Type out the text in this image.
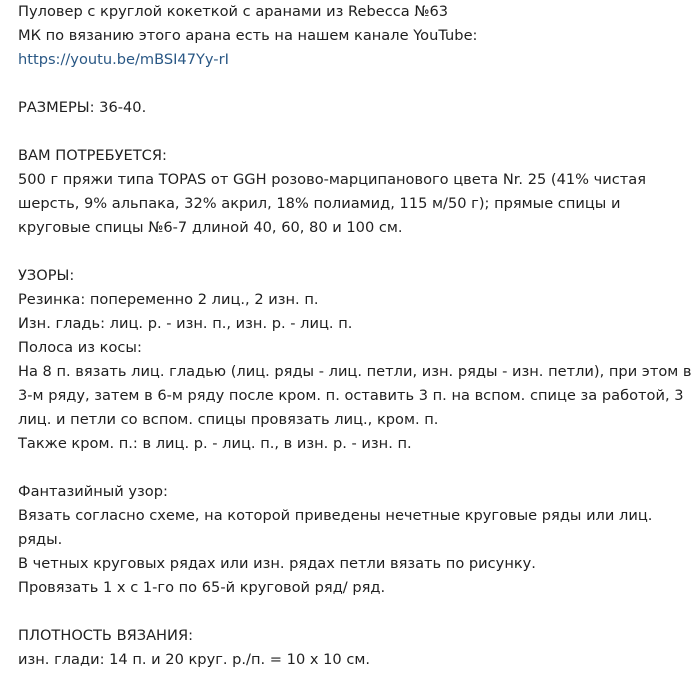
Пуловер с круглой кокеткой с аранами из Rebecca №63
МК по вязанию этого арана есть на нашем канале YouTube:
https://youtu.be/mBSI47Yy-rI
РАЗМЕРЫ: 36-40.
ВАМ ПОТРЕБУЕТСЯ:
500 г пряжи типа TOPAS от GGH розово-марципанового цвета Nr. 25 (41% чистая
шерсть, 9% альпака, 32% акрил, 18% полиамид, 115 м/50 г); прямые спицы и
круговые спицы №6-7 длиной 40, 60, 80 и 100 см.
УЗОРЫ:
Резинка: попеременно 2 лиц., 2 изн. п.
Изн. гладь: лиц. р. - изн. п., изн. р. - лиц. п.
Полоса из косы:
На 8 п. вязать лиц. гладью (лиц. ряды - лиц. петли, изн. ряды - изн. петли), при этом в
3-м ряду, затем в 6-м ряду после кром. п. оставить 3 п. на вспом. спице за работой, 3
лиц. и петли со вспом. спицы провязать лиц., кром. п.
Также кром. п.: в лиц. р. - лиц. п., в изн. р. - изн. п.
Фантазийный узор:
Вязать согласно схеме, на которой приведены нечетные круговые ряды или лиц.
ряды.
В четных круговых рядах или изн. рядах петли вязать по рисунку.
Провязать 1 х с 1-го по 65-й круговой ряд/ ряд.
ПЛОТНОСТЬ ВЯЗАНИЯ:
изн. глади: 14 п. и 20 круг. р./п. = 10 х 10 см.
